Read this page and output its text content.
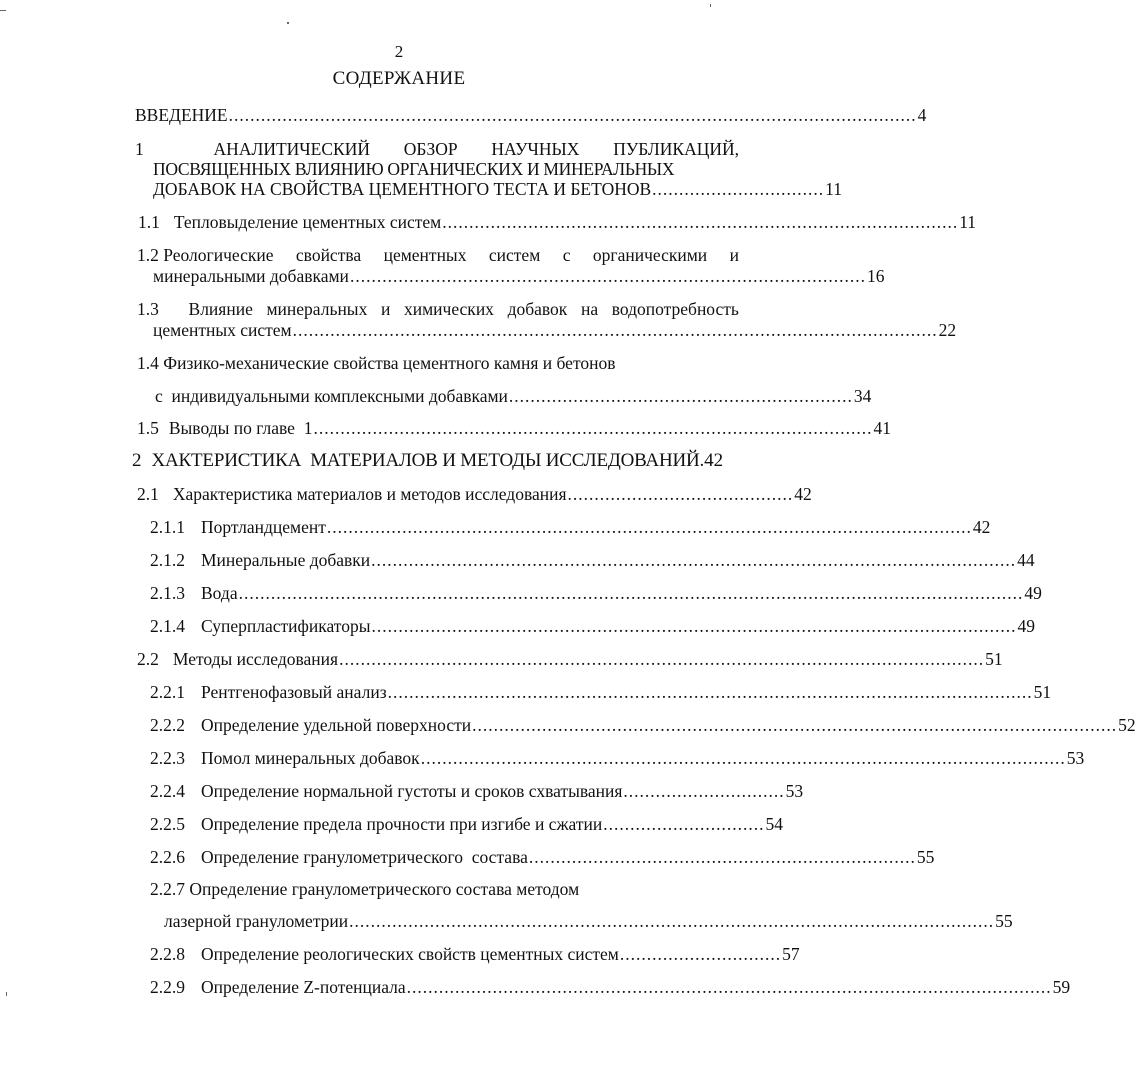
2
СОДЕРЖАНИЕ
ВВЕДЕНИЕ ................................................................................................................................ 4
1	АНАЛИТИЧЕСКИЙ ОБЗОР НАУЧНЫХ ПУБЛИКАЦИЙ,
ПОСВЯЩЕННЫХ ВЛИЯНИЮ ОРГАНИЧЕСКИХ И МИНЕРАЛЬНЫХ
ДОБАВОК НА СВОЙСТВА ЦЕМЕНТНОГО ТЕСТА И БЕТОНОВ ................................ 11
1.1 Тепловыделение цементных систем ................................................................................................ 11
1.2 Реологические свойства цементных систем с органическими и
минеральными добавками ................................................................................................ 16
1.3 Влияние минеральных и химических добавок на водопотребность
цементных систем ........................................................................................................................ 22
1.4 Физико-механические свойства цементного камня и бетонов
с  индивидуальными комплексными добавками ................................................................ 34
1.5 Выводы по главе  1 ........................................................................................................ 41
2 ХАКТЕРИСТИКА  МАТЕРИАЛОВ И МЕТОДЫ ИССЛЕДОВАНИЙ. 42
2.1 Характеристика материалов и методов исследования .......................................... 42
2.1.1 Портландцемент ........................................................................................................................ 42
2.1.2 Минеральные добавки ........................................................................................................................ 44
2.1.3 Вода .................................................................................................................................................. 49
2.1.4 Суперпластификаторы ........................................................................................................................ 49
2.2 Методы исследования ........................................................................................................................ 51
2.2.1 Рентгенофазовый анализ ........................................................................................................................ 51
2.2.2 Определение удельной поверхности ........................................................................................................................ 52
2.2.3 Помол минеральных добавок ........................................................................................................................ 53
2.2.4 Определение нормальной густоты и сроков схватывания .............................. 53
2.2.5 Определение предела прочности при изгибе и сжатии .............................. 54
2.2.6 Определение гранулометрического  состава ........................................................................ 55
2.2.7 Определение гранулометрического состава методом
лазерной гранулометрии ........................................................................................................................ 55
2.2.8 Определение реологических свойств цементных систем .............................. 57
2.2.9 Определение Z-потенциала ........................................................................................................................ 59
